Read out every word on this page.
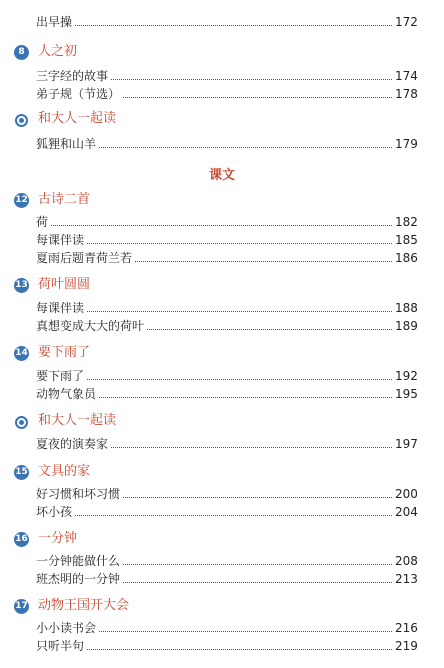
出早操	172
8	人之初
三字经的故事	174
弟子规（节选）	178
和大人一起读
狐狸和山羊	179
课文
12 古诗二首
荷	182
每课伴读	185
夏雨后题青荷兰若	186
13 荷叶圆圆
每课伴读	188
真想变成大大的荷叶	189
14 要下雨了
要下雨了	192
动物气象员	195
和大人一起读
夏夜的演奏家	197
15 文具的家
好习惯和坏习惯	200
坏小孩	204
16 一分钟
一分钟能做什么	208
班杰明的一分钟	213
17 动物王国开大会
小小读书会	216
只听半句	219
